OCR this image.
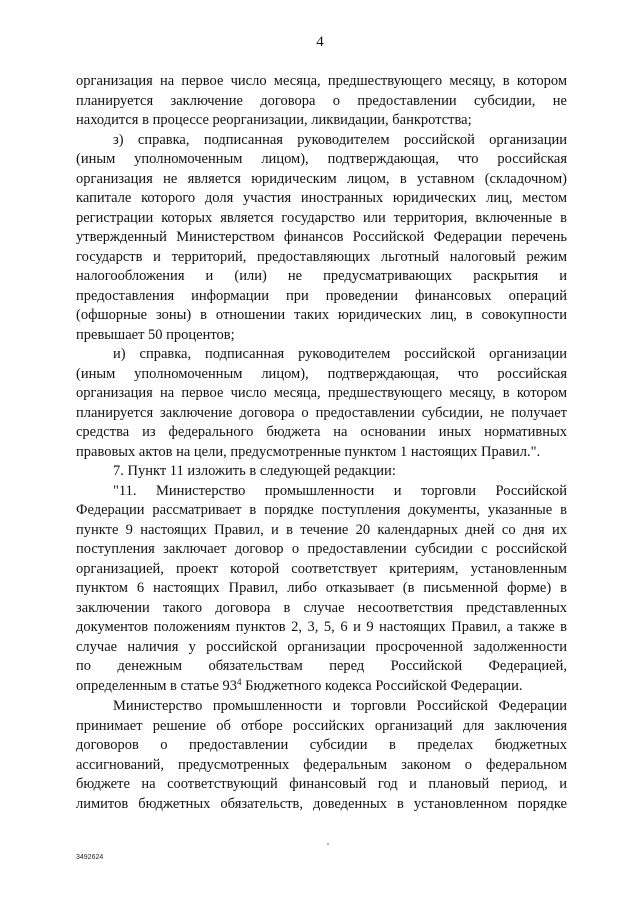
4
организация на первое число месяца, предшествующего месяцу, в котором
планируется заключение договора о предоставлении субсидии, не
находится в процессе реорганизации, ликвидации, банкротства;
з) справка, подписанная руководителем российской организации
(иным уполномоченным лицом), подтверждающая, что российская
организация не является юридическим лицом, в уставном (складочном)
капитале которого доля участия иностранных юридических лиц, местом
регистрации которых является государство или территория, включенные в
утвержденный Министерством финансов Российской Федерации перечень
государств и территорий, предоставляющих льготный налоговый режим
налогообложения и (или) не предусматривающих раскрытия и
предоставления информации при проведении финансовых операций
(офшорные зоны) в отношении таких юридических лиц, в совокупности
превышает 50 процентов;
и) справка, подписанная руководителем российской организации
(иным уполномоченным лицом), подтверждающая, что российская
организация на первое число месяца, предшествующего месяцу, в котором
планируется заключение договора о предоставлении субсидии, не получает
средства из федерального бюджета на основании иных нормативных
правовых актов на цели, предусмотренные пунктом 1 настоящих Правил.".
7. Пункт 11 изложить в следующей редакции:
"11. Министерство промышленности и торговли Российской
Федерации рассматривает в порядке поступления документы, указанные в
пункте 9 настоящих Правил, и в течение 20 календарных дней со дня их
поступления заключает договор о предоставлении субсидии с российской
организацией, проект которой соответствует критериям, установленным
пунктом 6 настоящих Правил, либо отказывает (в письменной форме) в
заключении такого договора в случае несоответствия представленных
документов положениям пунктов 2, 3, 5, 6 и 9 настоящих Правил, а также в
случае наличия у российской организации просроченной задолженности
по денежным обязательствам перед Российской Федерацией,
определенным в статье $93^4$ Бюджетного кодекса Российской Федерации.
Министерство промышленности и торговли Российской Федерации
принимает решение об отборе российских организаций для заключения
договоров о предоставлении субсидии в пределах бюджетных
ассигнований, предусмотренных федеральным законом о федеральном
бюджете на соответствующий финансовый год и плановый период, и
лимитов бюджетных обязательств, доведенных в установленном порядке
3492624
